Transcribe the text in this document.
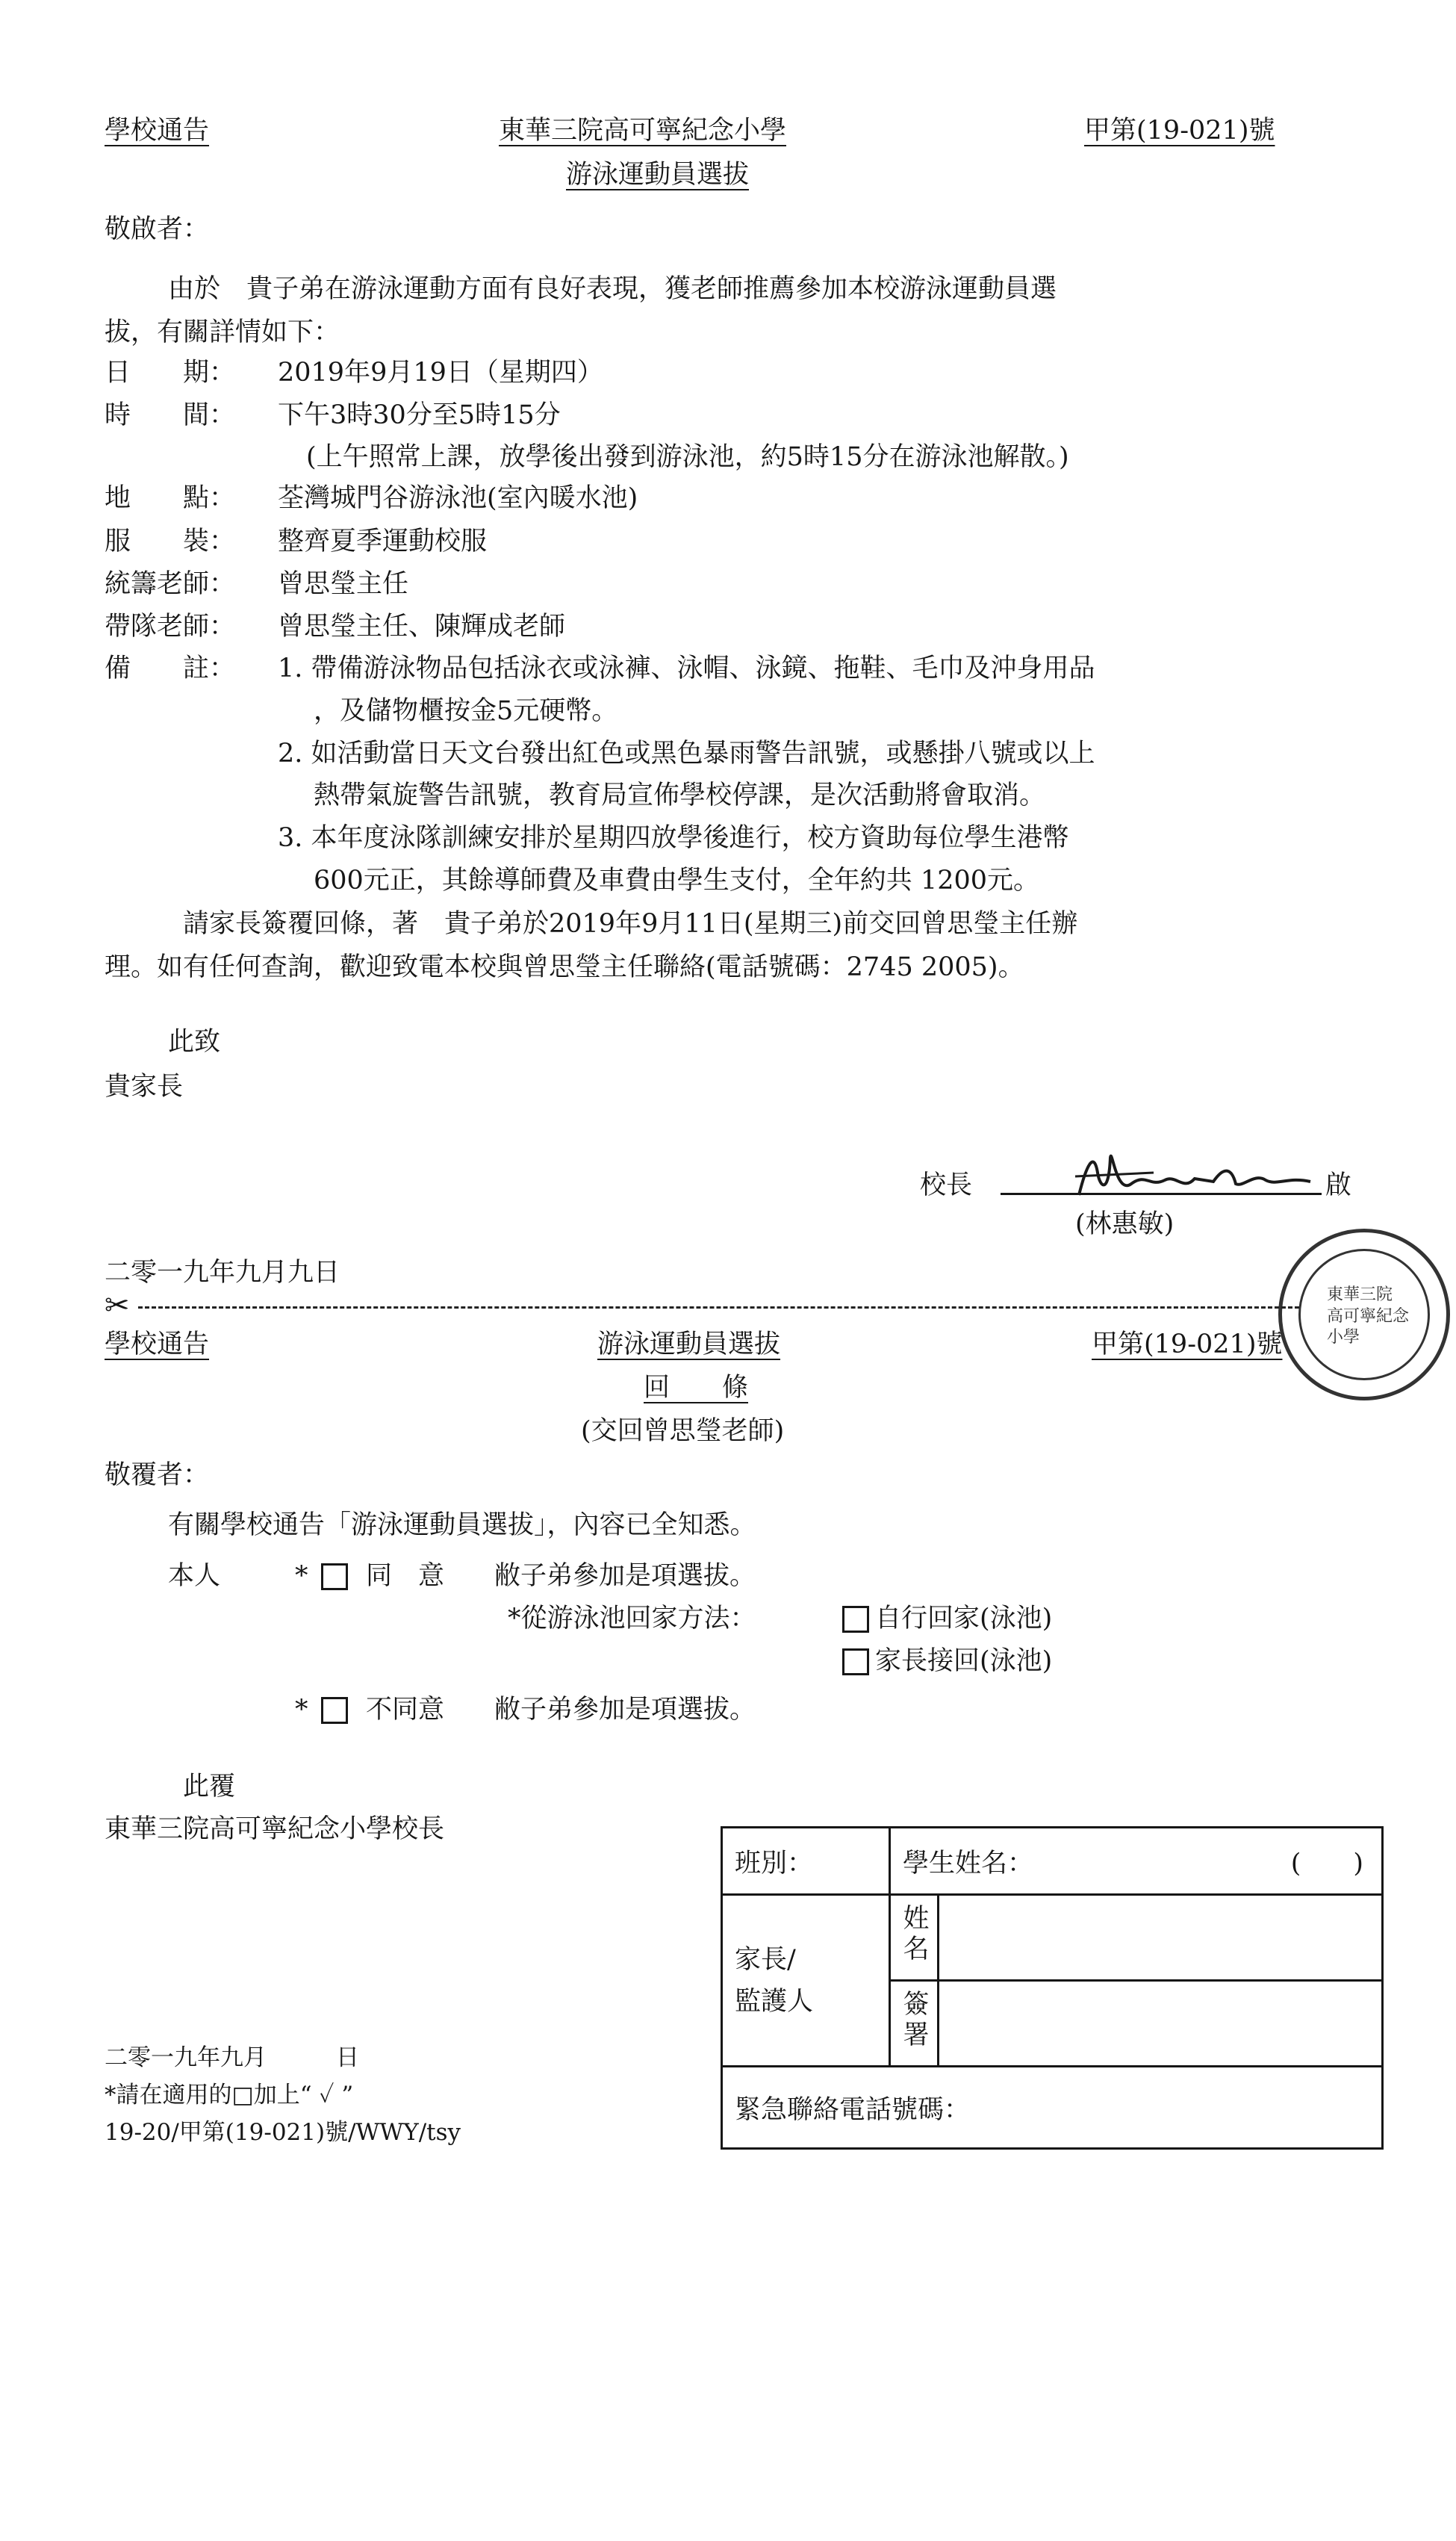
學校通告	東華三院高可寧紀念小學	甲第(19-021)號
游泳運動員選拔
敬啟者：
由於　貴子弟在游泳運動方面有良好表現，獲老師推薦參加本校游泳運動員選
拔，有關詳情如下：
日　　期： 2019年9月19日（星期四）
時　　間： 下午3時30分至5時15分
(上午照常上課，放學後出發到游泳池，約5時15分在游泳池解散。)
地　　點： 荃灣城門谷游泳池(室內暖水池)
服　　裝： 整齊夏季運動校服
統籌老師： 曾思瑩主任
帶隊老師： 曾思瑩主任、陳輝成老師
備　　註： 1. 帶備游泳物品包括泳衣或泳褲、泳帽、泳鏡、拖鞋、毛巾及沖身用品
，及儲物櫃按金5元硬幣。
2. 如活動當日天文台發出紅色或黑色暴雨警告訊號，或懸掛八號或以上
熱帶氣旋警告訊號，教育局宣佈學校停課，是次活動將會取消。
3. 本年度泳隊訓練安排於星期四放學後進行，校方資助每位學生港幣
600元正，其餘導師費及車費由學生支付，全年約共 1200元。
請家長簽覆回條，著　貴子弟於2019年9月11日(星期三)前交回曾思瑩主任辦
理。如有任何查詢，歡迎致電本校與曾思瑩主任聯絡(電話號碼：2745 2005)。
此致
貴家長
校長	啟
(林惠敏)
二零一九年九月九日
東華三院 高可寧紀念小學
✂
學校通告	游泳運動員選拔	甲第(19-021)號
回　　條
(交回曾思瑩老師)
敬覆者：
有關學校通告「游泳運動員選拔」，內容已全知悉。
本人	* 同　意 敝子弟參加是項選拔。
*從游泳池回家方法：	自行回家(泳池)
家長接回(泳池)
* 不同意 敝子弟參加是項選拔。
此覆
東華三院高可寧紀念小學校長
班別：	學生姓名： (　　)	

家長/
監護人	姓名	
	簽署	
緊急聯絡電話號碼：		
二零一九年九月　　　日
*請在適用的□加上“ ✓ ”
19-20/甲第(19-021)號/WWY/tsy
